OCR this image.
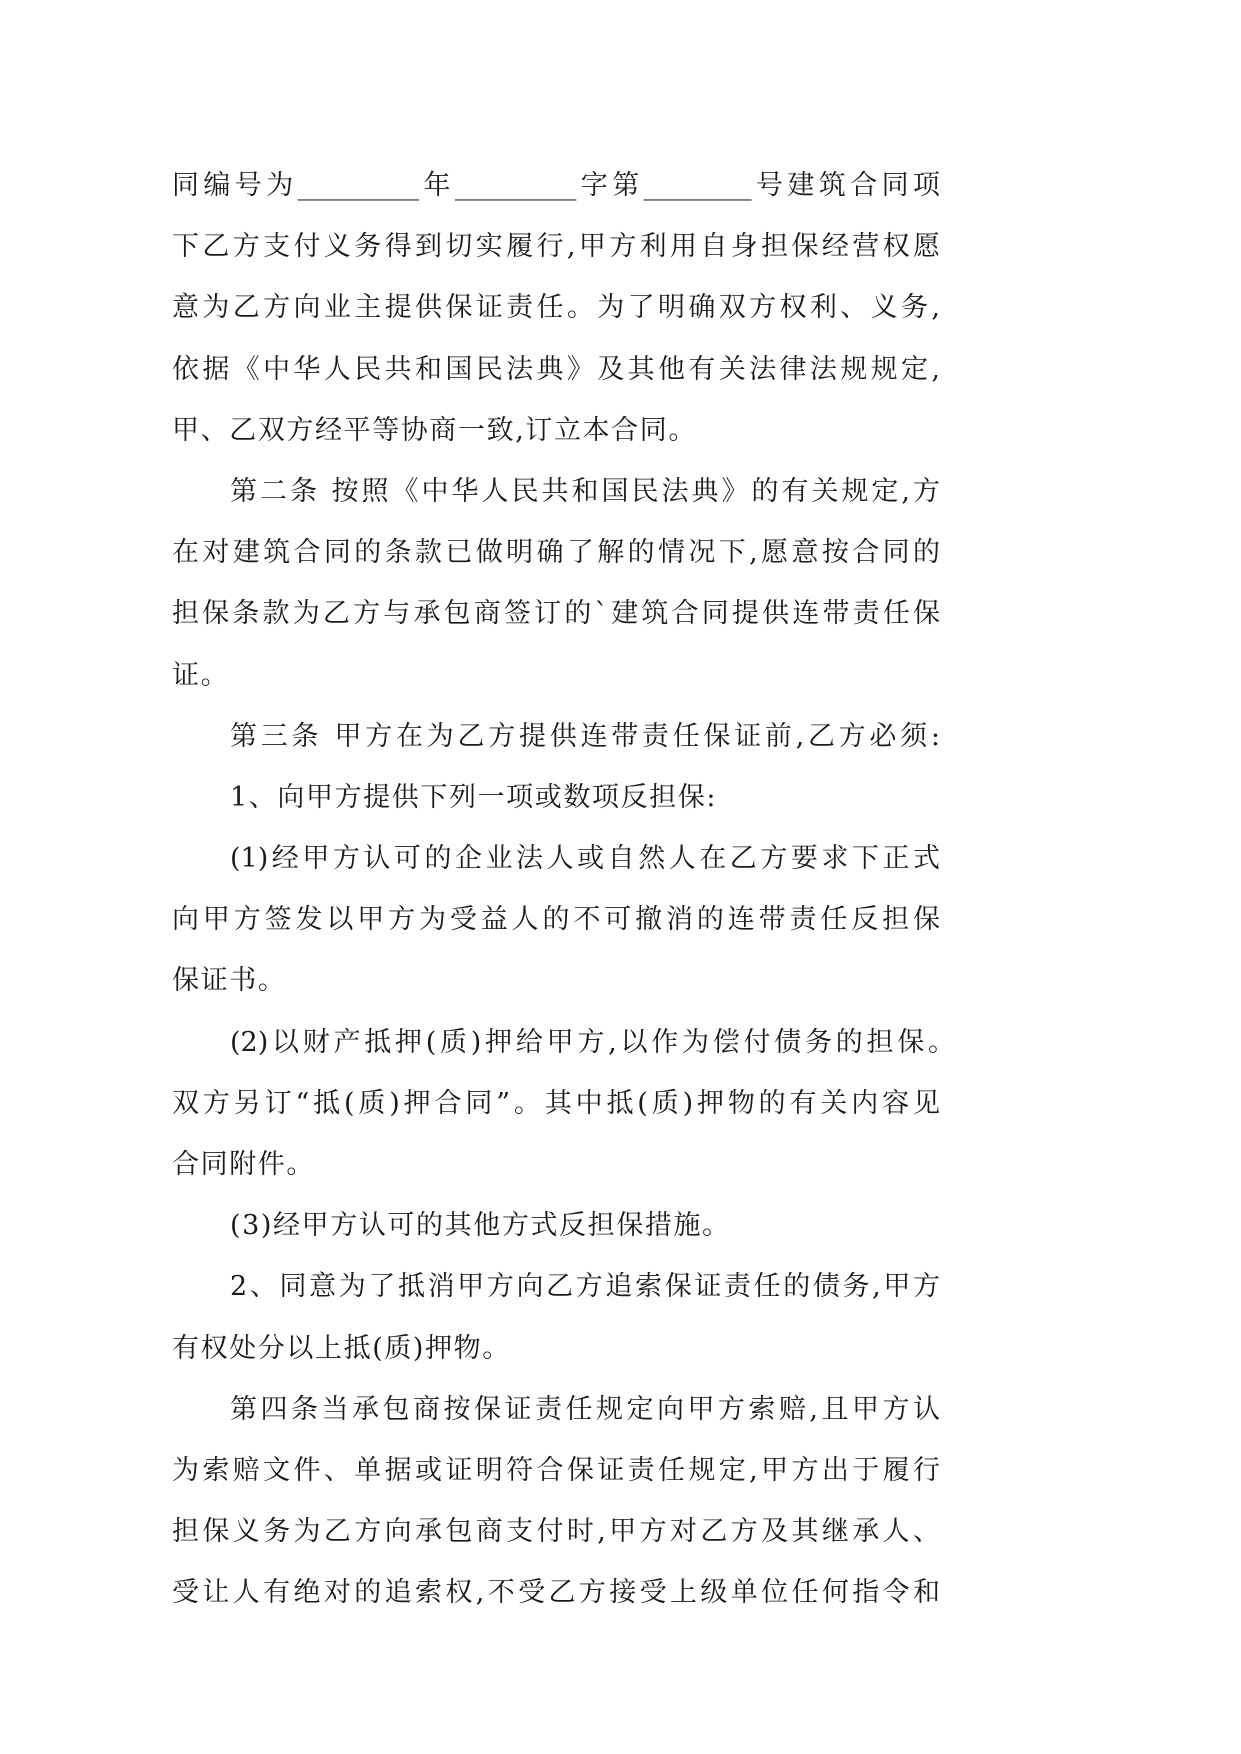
同编号为_________年_________字第________号建筑合同项
下乙方支付义务得到切实履行,甲方利用自身担保经营权愿
意为乙方向业主提供保证责任。为了明确双方权利、义务,
依据《中华人民共和国民法典》及其他有关法律法规规定,
甲、乙双方经平等协商一致,订立本合同。
第二条 按照《中华人民共和国民法典》的有关规定,方
在对建筑合同的条款已做明确了解的情况下,愿意按合同的
担保条款为乙方与承包商签订的`建筑合同提供连带责任保
证。
第三条 甲方在为乙方提供连带责任保证前,乙方必须:
1、向甲方提供下列一项或数项反担保:
(1)经甲方认可的企业法人或自然人在乙方要求下正式
向甲方签发以甲方为受益人的不可撤消的连带责任反担保
保证书。
(2)以财产抵押(质)押给甲方,以作为偿付债务的担保。
双方另订“抵(质)押合同”。其中抵(质)押物的有关内容见
合同附件。
(3)经甲方认可的其他方式反担保措施。
2、同意为了抵消甲方向乙方追索保证责任的债务,甲方
有权处分以上抵(质)押物。
第四条当承包商按保证责任规定向甲方索赔,且甲方认
为索赔文件、单据或证明符合保证责任规定,甲方出于履行
担保义务为乙方向承包商支付时,甲方对乙方及其继承人、
受让人有绝对的追索权,不受乙方接受上级单位任何指令和
